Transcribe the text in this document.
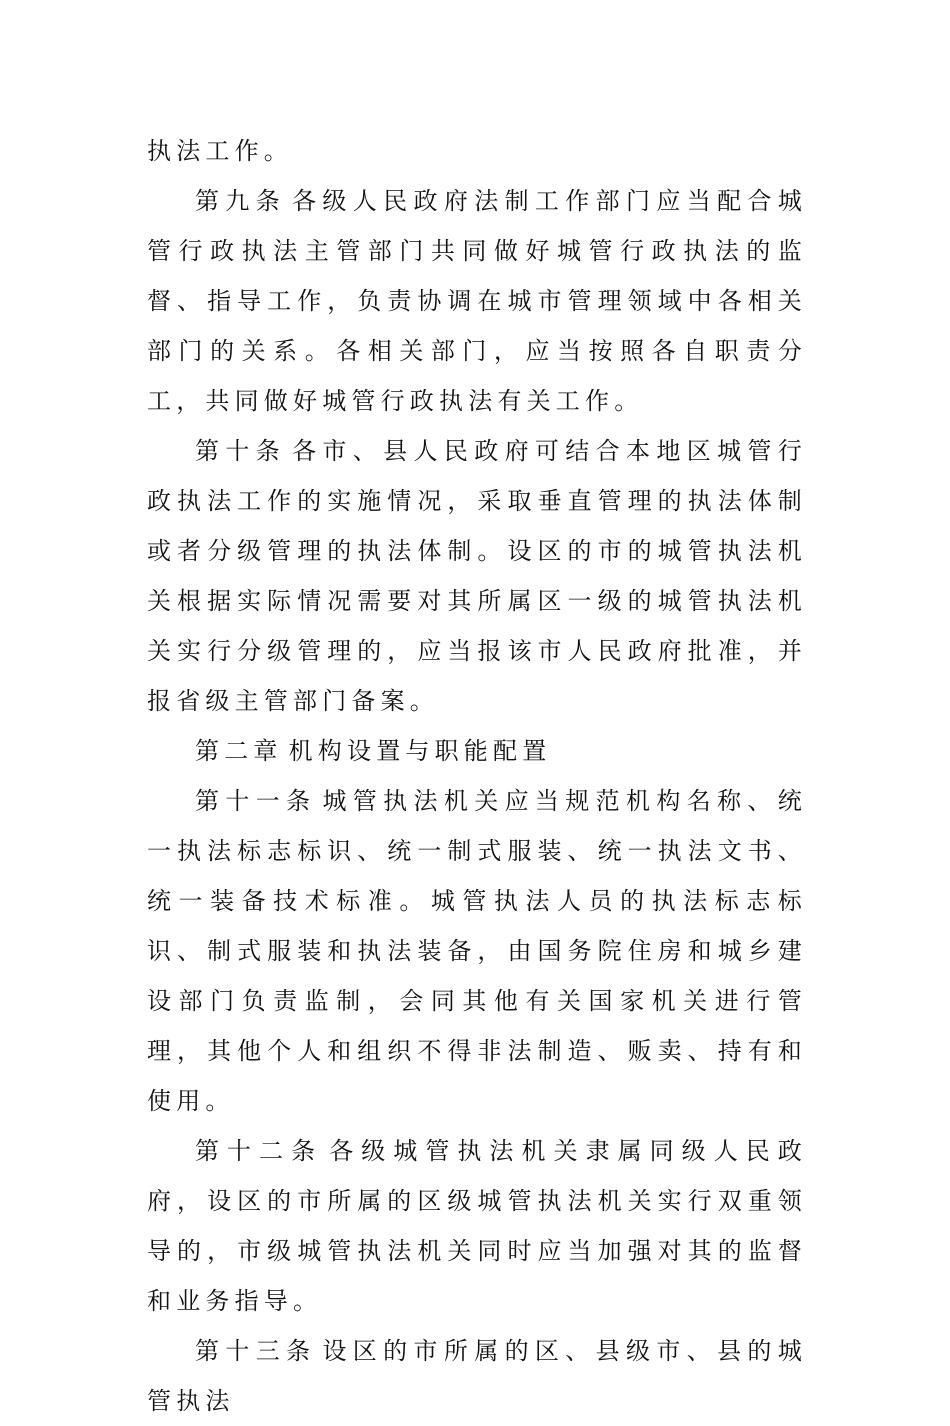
执法工作。

第九条 各级人民政府法制工作部门应当配合城管行政执法主管部门共同做好城管行政执法的监督、指导工作，负责协调在城市管理领域中各相关部门的关系。各相关部门，应当按照各自职责分工，共同做好城管行政执法有关工作。

第十条 各市、县人民政府可结合本地区城管行政执法工作的实施情况，采取垂直管理的执法体制或者分级管理的执法体制。设区的市的城管执法机关根据实际情况需要对其所属区一级的城管执法机关实行分级管理的，应当报该市人民政府批准，并报省级主管部门备案。

第二章 机构设置与职能配置

第十一条 城管执法机关应当规范机构名称、统一执法标志标识、统一制式服装、统一执法文书、统一装备技术标准。城管执法人员的执法标志标识、制式服装和执法装备，由国务院住房和城乡建设部门负责监制，会同其他有关国家机关进行管理，其他个人和组织不得非法制造、贩卖、持有和使用。

第十二条 各级城管执法机关隶属同级人民政府，设区的市所属的区级城管执法机关实行双重领导的，市级城管执法机关同时应当加强对其的监督和业务指导。

第十三条 设区的市所属的区、县级市、县的城管执法
